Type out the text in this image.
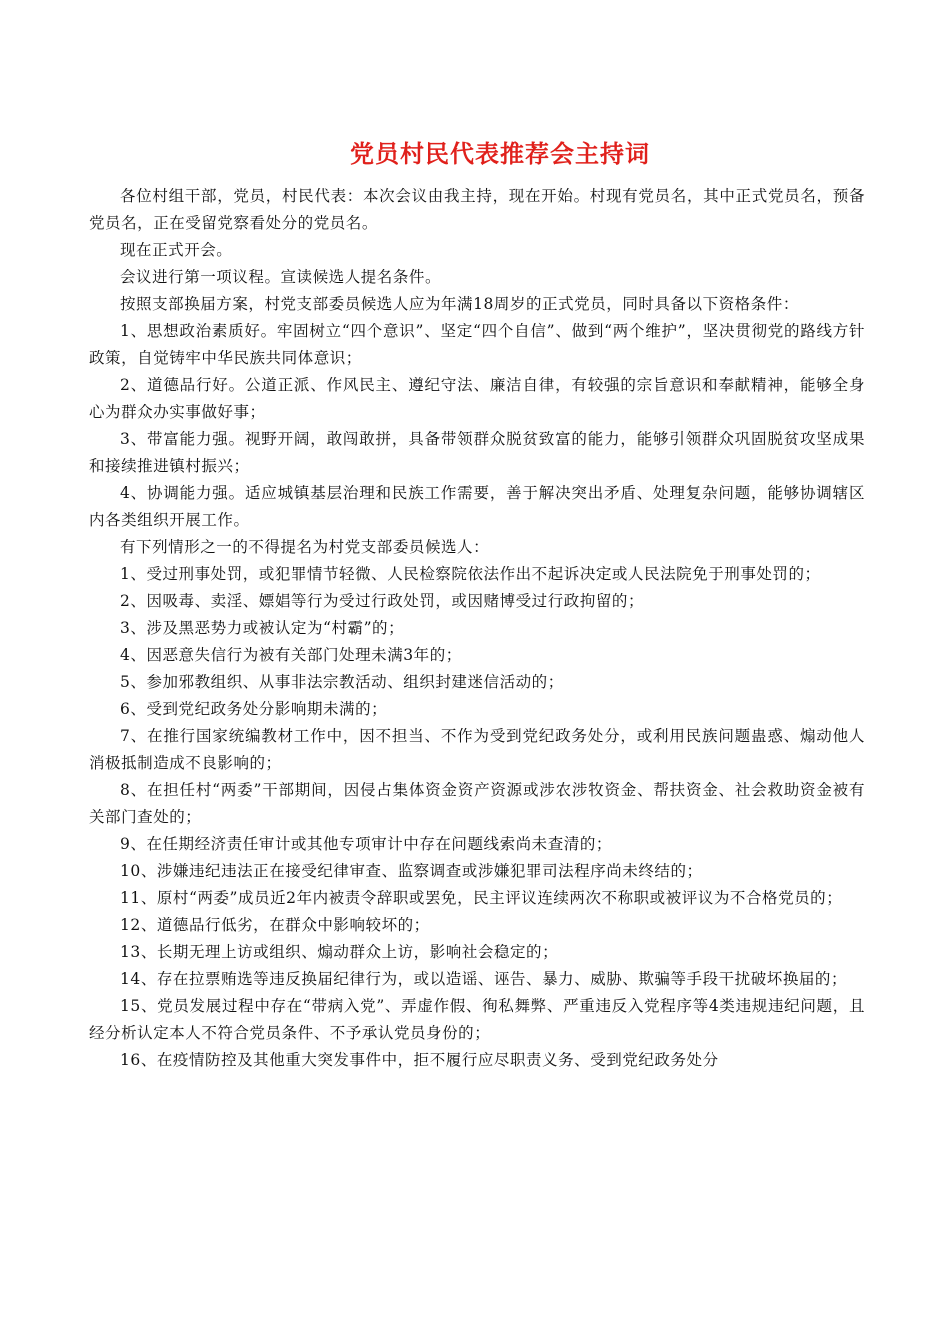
党员村民代表推荐会主持词

各位村组干部，党员，村民代表：本次会议由我主持，现在开始。村现有党员名，其中正式党员名，预备党员名，正在受留党察看处分的党员名。

现在正式开会。

会议进行第一项议程。宣读候选人提名条件。

按照支部换届方案，村党支部委员候选人应为年满18周岁的正式党员，同时具备以下资格条件：

1、思想政治素质好。牢固树立“四个意识”、坚定“四个自信”、做到“两个维护”，坚决贯彻党的路线方针政策，自觉铸牢中华民族共同体意识；

2、道德品行好。公道正派、作风民主、遵纪守法、廉洁自律，有较强的宗旨意识和奉献精神，能够全身心为群众办实事做好事；

3、带富能力强。视野开阔，敢闯敢拼，具备带领群众脱贫致富的能力，能够引领群众巩固脱贫攻坚成果和接续推进镇村振兴；

4、协调能力强。适应城镇基层治理和民族工作需要，善于解决突出矛盾、处理复杂问题，能够协调辖区内各类组织开展工作。

有下列情形之一的不得提名为村党支部委员候选人：

1、受过刑事处罚，或犯罪情节轻微、人民检察院依法作出不起诉决定或人民法院免于刑事处罚的；

2、因吸毒、卖淫、嫖娼等行为受过行政处罚，或因赌博受过行政拘留的；

3、涉及黑恶势力或被认定为“村霸”的；

4、因恶意失信行为被有关部门处理未满3年的；

5、参加邪教组织、从事非法宗教活动、组织封建迷信活动的；

6、受到党纪政务处分影响期未满的；

7、在推行国家统编教材工作中，因不担当、不作为受到党纪政务处分，或利用民族问题蛊惑、煽动他人消极抵制造成不良影响的；

8、在担任村“两委”干部期间，因侵占集体资金资产资源或涉农涉牧资金、帮扶资金、社会救助资金被有关部门查处的；

9、在任期经济责任审计或其他专项审计中存在问题线索尚未查清的；

10、涉嫌违纪违法正在接受纪律审查、监察调查或涉嫌犯罪司法程序尚未终结的；

11、原村“两委”成员近2年内被责令辞职或罢免，民主评议连续两次不称职或被评议为不合格党员的；

12、道德品行低劣，在群众中影响较坏的；

13、长期无理上访或组织、煽动群众上访，影响社会稳定的；

14、存在拉票贿选等违反换届纪律行为，或以造谣、诬告、暴力、威胁、欺骗等手段干扰破坏换届的；

15、党员发展过程中存在“带病入党”、弄虚作假、徇私舞弊、严重违反入党程序等4类违规违纪问题，且经分析认定本人不符合党员条件、不予承认党员身份的；

16、在疫情防控及其他重大突发事件中，拒不履行应尽职责义务、受到党纪政务处分
